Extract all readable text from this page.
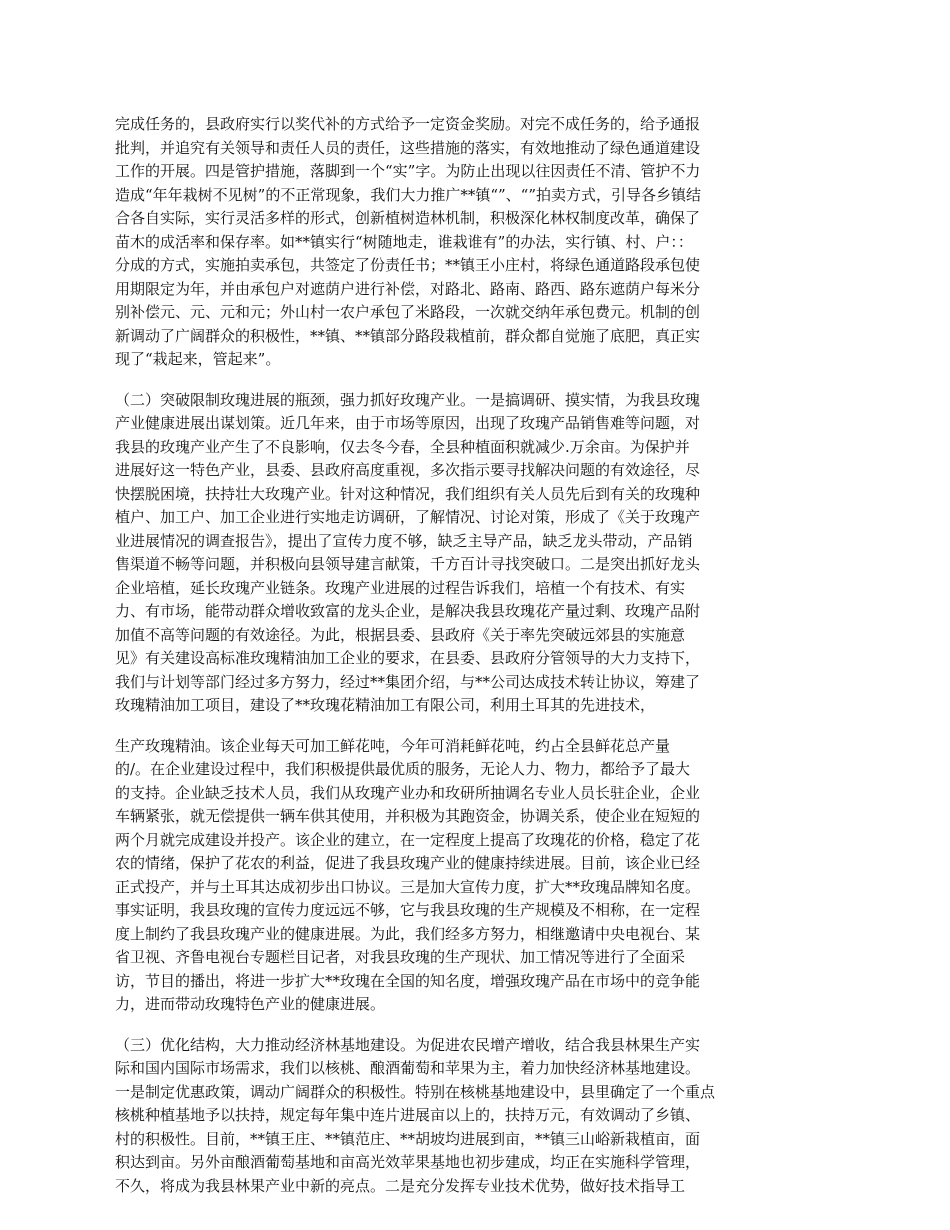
完成任务的，县政府实行以奖代补的方式给予一定资金奖励。对完不成任务的，给予通报
批判，并追究有关领导和责任人员的责任，这些措施的落实，有效地推动了绿色通道建设
工作的开展。四是管护措施，落脚到一个“实”字。为防止出现以往因责任不清、管护不力
造成“年年栽树不见树”的不正常现象，我们大力推广**镇“”、“”拍卖方式，引导各乡镇结
合各自实际，实行灵活多样的形式，创新植树造林机制，积极深化林权制度改革，确保了
苗木的成活率和保存率。如**镇实行“树随地走，谁栽谁有”的办法，实行镇、村、户：：
分成的方式，实施拍卖承包，共签定了份责任书；**镇王小庄村，将绿色通道路段承包使
用期限定为年，并由承包户对遮荫户进行补偿，对路北、路南、路西、路东遮荫户每米分
别补偿元、元、元和元；外山村一农户承包了米路段，一次就交纳年承包费元。机制的创
新调动了广阔群众的积极性，**镇、**镇部分路段栽植前，群众都自觉施了底肥，真正实
现了“栽起来，管起来”。
（二）突破限制玫瑰进展的瓶颈，强力抓好玫瑰产业。一是搞调研、摸实情，为我县玫瑰
产业健康进展出谋划策。近几年来，由于市场等原因，出现了玫瑰产品销售难等问题，对
我县的玫瑰产业产生了不良影响，仅去冬今春，全县种植面积就减少.万余亩。为保护并
进展好这一特色产业，县委、县政府高度重视，多次指示要寻找解决问题的有效途径，尽
快摆脱困境，扶持壮大玫瑰产业。针对这种情况，我们组织有关人员先后到有关的玫瑰种
植户、加工户、加工企业进行实地走访调研，了解情况、讨论对策，形成了《关于玫瑰产
业进展情况的调查报告》，提出了宣传力度不够，缺乏主导产品，缺乏龙头带动，产品销
售渠道不畅等问题，并积极向县领导建言献策，千方百计寻找突破口。二是突出抓好龙头
企业培植，延长玫瑰产业链条。玫瑰产业进展的过程告诉我们，培植一个有技术、有实
力、有市场，能带动群众增收致富的龙头企业，是解决我县玫瑰花产量过剩、玫瑰产品附
加值不高等问题的有效途径。为此，根据县委、县政府《关于率先突破远郊县的实施意
见》有关建设高标准玫瑰精油加工企业的要求，在县委、县政府分管领导的大力支持下，
我们与计划等部门经过多方努力，经过**集团介绍，与**公司达成技术转让协议，筹建了
玫瑰精油加工项目，建设了**玫瑰花精油加工有限公司，利用土耳其的先进技术，
生产玫瑰精油。该企业每天可加工鲜花吨，今年可消耗鲜花吨，约占全县鲜花总产量
的/。在企业建设过程中，我们积极提供最优质的服务，无论人力、物力，都给予了最大
的支持。企业缺乏技术人员，我们从玫瑰产业办和玫研所抽调名专业人员长驻企业，企业
车辆紧张，就无偿提供一辆车供其使用，并积极为其跑资金，协调关系，使企业在短短的
两个月就完成建设并投产。该企业的建立，在一定程度上提高了玫瑰花的价格，稳定了花
农的情绪，保护了花农的利益，促进了我县玫瑰产业的健康持续进展。目前，该企业已经
正式投产，并与土耳其达成初步出口协议。三是加大宣传力度，扩大**玫瑰品牌知名度。
事实证明，我县玫瑰的宣传力度远远不够，它与我县玫瑰的生产规模及不相称，在一定程
度上制约了我县玫瑰产业的健康进展。为此，我们经多方努力，相继邀请中央电视台、某
省卫视、齐鲁电视台专题栏目记者，对我县玫瑰的生产现状、加工情况等进行了全面采
访，节目的播出，将进一步扩大**玫瑰在全国的知名度，增强玫瑰产品在市场中的竞争能
力，进而带动玫瑰特色产业的健康进展。
（三）优化结构，大力推动经济林基地建设。为促进农民增产增收，结合我县林果生产实
际和国内国际市场需求，我们以核桃、酿酒葡萄和苹果为主，着力加快经济林基地建设。
一是制定优惠政策，调动广阔群众的积极性。特别在核桃基地建设中，县里确定了一个重点
核桃种植基地予以扶持，规定每年集中连片进展亩以上的，扶持万元，有效调动了乡镇、
村的积极性。目前，**镇王庄、**镇范庄、**胡坡均进展到亩，**镇三山峪新栽植亩，面
积达到亩。另外亩酿酒葡萄基地和亩高光效苹果基地也初步建成，均正在实施科学管理，
不久，将成为我县林果产业中新的亮点。二是充分发挥专业技术优势，做好技术指导工
